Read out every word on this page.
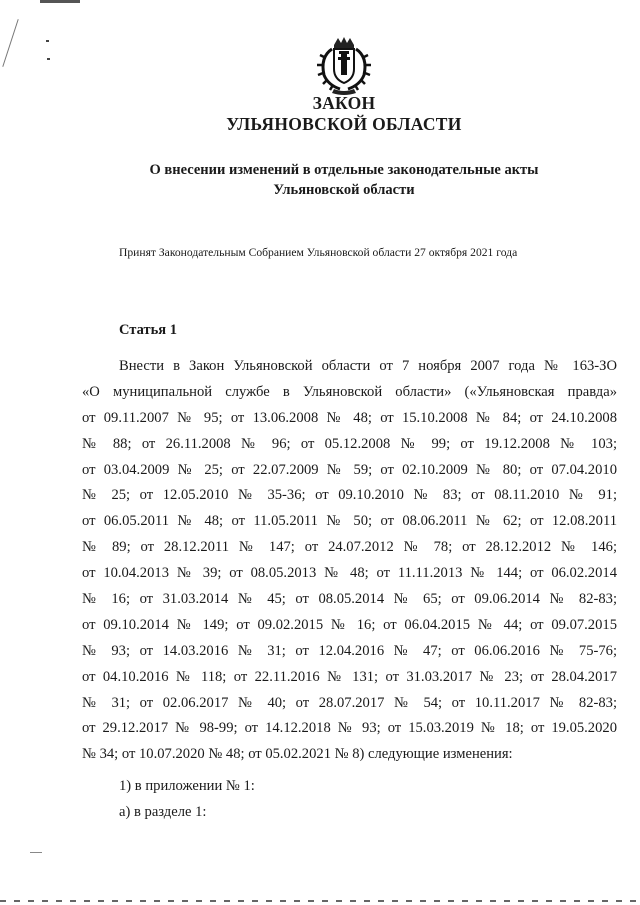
ЗАКОН
УЛЬЯНОВСКОЙ ОБЛАСТИ
О внесении изменений в отдельные законодательные акты
Ульяновской области
Принят Законодательным Собранием Ульяновской области 27 октября 2021 года
Статья 1
Внести в Закон Ульяновской области от 7 ноября 2007 года № 163-ЗО
«О муниципальной службе в Ульяновской области» («Ульяновская правда»
от 09.11.2007 № 95; от 13.06.2008 № 48; от 15.10.2008 № 84; от 24.10.2008
№ 88; от 26.11.2008 № 96; от 05.12.2008 № 99; от 19.12.2008 № 103;
от 03.04.2009 № 25; от 22.07.2009 № 59; от 02.10.2009 № 80; от 07.04.2010
№ 25; от 12.05.2010 № 35-36; от 09.10.2010 № 83; от 08.11.2010 № 91;
от 06.05.2011 № 48; от 11.05.2011 № 50; от 08.06.2011 № 62; от 12.08.2011
№ 89; от 28.12.2011 № 147; от 24.07.2012 № 78; от 28.12.2012 № 146;
от 10.04.2013 № 39; от 08.05.2013 № 48; от 11.11.2013 № 144; от 06.02.2014
№ 16; от 31.03.2014 № 45; от 08.05.2014 № 65; от 09.06.2014 № 82-83;
от 09.10.2014 № 149; от 09.02.2015 № 16; от 06.04.2015 № 44; от 09.07.2015
№ 93; от 14.03.2016 № 31; от 12.04.2016 № 47; от 06.06.2016 № 75-76;
от 04.10.2016 № 118; от 22.11.2016 № 131; от 31.03.2017 № 23; от 28.04.2017
№ 31; от 02.06.2017 № 40; от 28.07.2017 № 54; от 10.11.2017 № 82-83;
от 29.12.2017 № 98-99; от 14.12.2018 № 93; от 15.03.2019 № 18; от 19.05.2020
№ 34; от 10.07.2020 № 48; от 05.02.2021 № 8) следующие изменения:
1) в приложении № 1:
а) в разделе 1:
